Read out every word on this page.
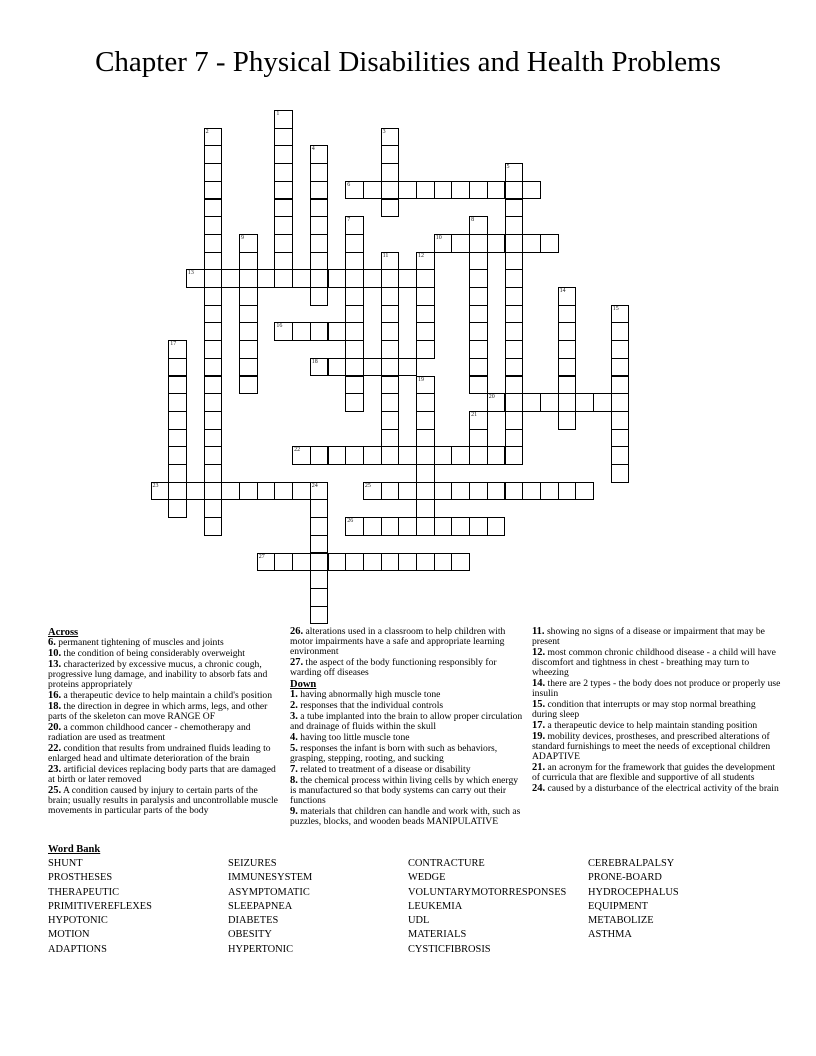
Chapter 7 - Physical Disabilities and Health Problems
6
10
13
16
18
20
22
23	24	25
26
27
1
2	3
4
5
7	8
9
11	12
14
15
17
19
21
Across
6. permanent tightening of muscles and joints
10. the condition of being considerably overweight
13. characterized by excessive mucus, a chronic cough, progressive lung damage, and inability to absorb fats and proteins appropriately
16. a therapeutic device to help maintain a child's position
18. the direction in degree in which arms, legs, and other parts of the skeleton can move RANGE OF
20. a common childhood cancer - chemotherapy and radiation are used as treatment
22. condition that results from undrained fluids leading to enlarged head and ultimate deterioration of the brain
23. artificial devices replacing body parts that are damaged at birth or later removed
25. A condition caused by injury to certain parts of the brain; usually results in paralysis and uncontrollable muscle movements in particular parts of the body
26. alterations used in a classroom to help children with motor impairments have a safe and appropriate learning environment
27. the aspect of the body functioning responsibly for warding off diseases
Down
1. having abnormally high muscle tone
2. responses that the individual controls
3. a tube implanted into the brain to allow proper circulation and drainage of fluids within the skull
4. having too little muscle tone
5. responses the infant is born with such as behaviors, grasping, stepping, rooting, and sucking
7. related to treatment of a disease or disability
8. the chemical process within living cells by which energy is manufactured so that body systems can carry out their functions
9. materials that children can handle and work with, such as puzzles, blocks, and wooden beads MANIPULATIVE
11. showing no signs of a disease or impairment that may be present
12. most common chronic childhood disease - a child will have discomfort and tightness in chest - breathing may turn to wheezing
14. there are 2 types - the body does not produce or properly use insulin
15. condition that interrupts or may stop normal breathing during sleep
17. a therapeutic device to help maintain standing position
19. mobility devices, prostheses, and prescribed alterations of standard furnishings to meet the needs of exceptional children ADAPTIVE
21. an acronym for the framework that guides the development of curricula that are flexible and supportive of all students
24. caused by a disturbance of the electrical activity of the brain
Word Bank
SHUNT
PROSTHESES
THERAPEUTIC
PRIMITIVEREFLEXES
HYPOTONIC
MOTION
ADAPTIONS
SEIZURES
IMMUNESYSTEM
ASYMPTOMATIC
SLEEPAPNEA
DIABETES
OBESITY
HYPERTONIC
CONTRACTURE
WEDGE
VOLUNTARYMOTORRESPONSES
LEUKEMIA
UDL
MATERIALS
CYSTICFIBROSIS
CEREBRALPALSY
PRONE-BOARD
HYDROCEPHALUS
EQUIPMENT
METABOLIZE
ASTHMA
